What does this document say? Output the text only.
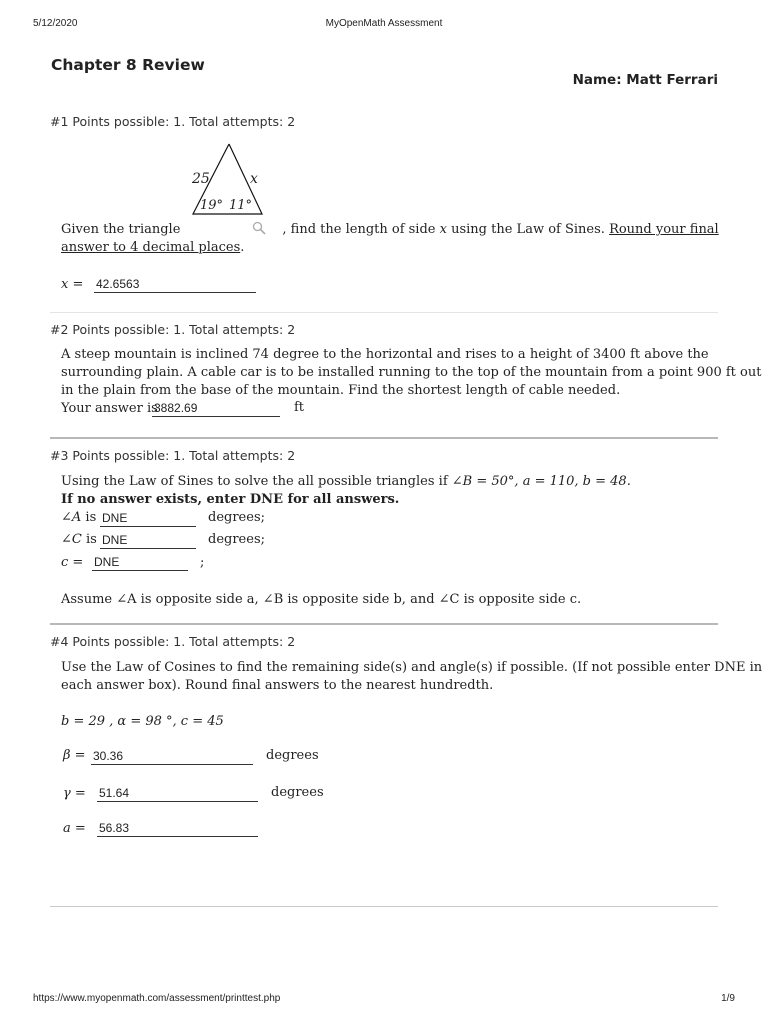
5/12/2020	MyOpenMath Assessment
https://www.myopenmath.com/assessment/printtest.php	1/9
Chapter 8 Review
Name: Matt Ferrari
#1 Points possible: 1. Total attempts: 2
25	x
19° 11°
Given the triangle	, find the length of side x using the Law of Sines. Round your final
answer to 4 decimal places.
x = 42.6563
#2 Points possible: 1. Total attempts: 2
A steep mountain is inclined 74 degree to the horizontal and rises to a height of 3400 ft above the
surrounding plain. A cable car is to be installed running to the top of the mountain from a point 900 ft out
in the plain from the base of the mountain. Find the shortest length of cable needed.
Your answer is
3882.69	ft
#3 Points possible: 1. Total attempts: 2
Using the Law of Sines to solve the all possible triangles if ∠B = 50°, a = 110, b = 48.
If no answer exists, enter DNE for all answers.
∠A is DNE	degrees;
∠C is DNE	degrees;
c = DNE	;
Assume ∠A is opposite side a, ∠B is opposite side b, and ∠C is opposite side c.
#4 Points possible: 1. Total attempts: 2
Use the Law of Cosines to find the remaining side(s) and angle(s) if possible. (If not possible enter DNE in
each answer box). Round final answers to the nearest hundredth.
b = 29 , α = 98 °, c = 45
β = 30.36	degrees
γ = 51.64	degrees
a = 56.83
